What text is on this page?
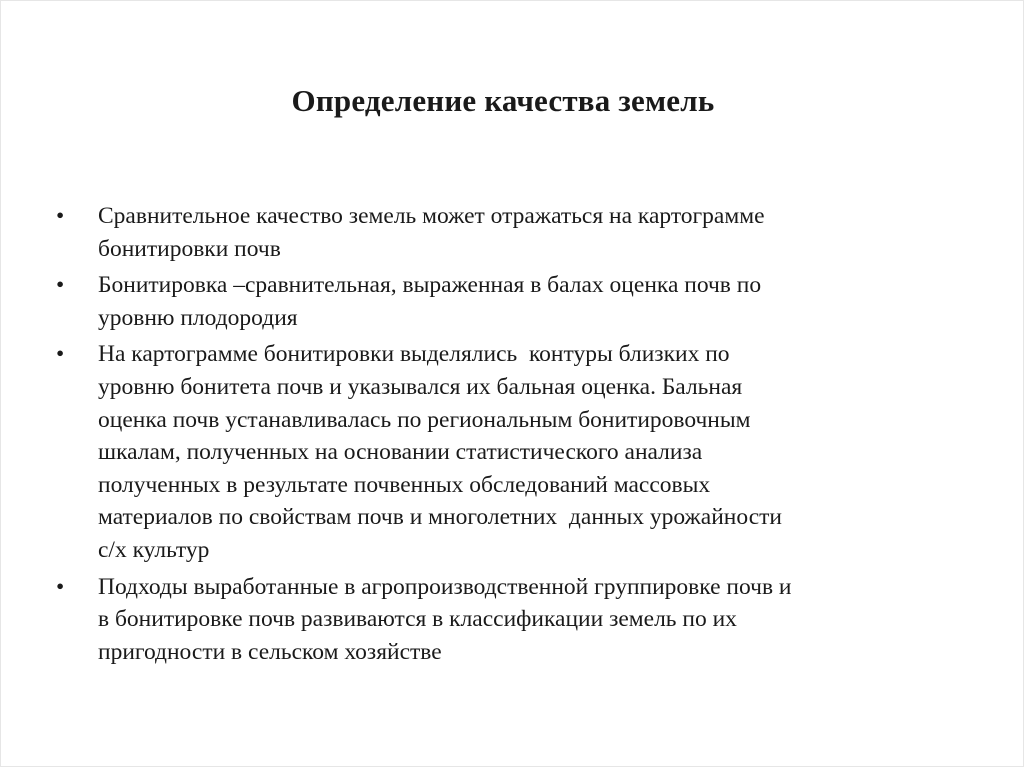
Определение качества земель
•	Сравнительное качество земель может отражаться на картограмме
бонитировки почв
•	Бонитировка –сравнительная, выраженная в балах оценка почв по
уровню плодородия
•	На картограмме бонитировки выделялись  контуры близких по
уровню бонитета почв и указывался их бальная оценка. Бальная
оценка почв устанавливалась по региональным бонитировочным
шкалам, полученных на основании статистического анализа
полученных в результате почвенных обследований массовых
материалов по свойствам почв и многолетних  данных урожайности
с/х культур
•	Подходы выработанные в агропроизводственной группировке почв и
в бонитировке почв развиваются в классификации земель по их
пригодности в сельском хозяйстве
